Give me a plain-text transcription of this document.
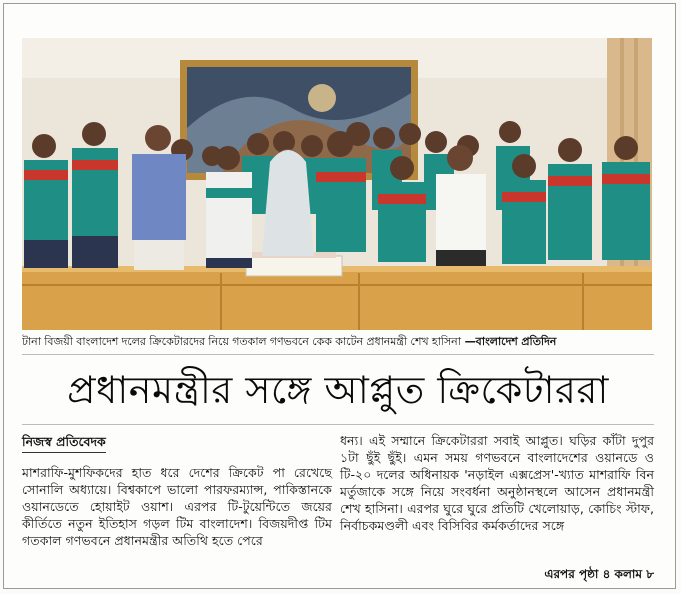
টানা বিজয়ী বাংলাদেশ দলের ক্রিকেটারদের নিয়ে গতকাল গণভবনে কেক কাটেন প্রধানমন্ত্রী শেখ হাসিনা —বাংলাদেশ প্রতিদিন
প্রধানমন্ত্রীর সঙ্গে আপ্লুত ক্রিকেটাররা
নিজস্ব প্রতিবেদক
মাশরাফি-মুশফিকদের হাত ধরে দেশের ক্রিকেট পা রেখেছে সোনালি অধ্যায়ে। বিশ্বকাপে ভালো পারফরম্যান্স, পাকিস্তানকে ওয়ানডেতে হোয়াইট ওয়াশ। এরপর টি-টুয়েন্টিতে জয়ের কীর্তিতে নতুন ইতিহাস গড়ল টিম বাংলাদেশ। বিজয়দীপ্ত টিম গতকাল গণভবনে প্রধানমন্ত্রীর অতিথি হতে পেরে
ধন্য। এই সম্মানে ক্রিকেটাররা সবাই আপ্লুত। ঘড়ির কাঁটা দুপুর ১টা ছুঁই ছুঁই। এমন সময় গণভবনে বাংলাদেশের ওয়ানডে ও টি-২০ দলের অধিনায়ক 'নড়াইল এক্সপ্রেস'-খ্যাত মাশরাফি বিন মর্তুজাকে সঙ্গে নিয়ে সংবর্ধনা অনুষ্ঠানস্থলে আসেন প্রধানমন্ত্রী শেখ হাসিনা। এরপর ঘুরে ঘুরে প্রতিটি খেলোয়াড়, কোচিং স্টাফ, নির্বাচকমণ্ডলী এবং বিসিবির কর্মকর্তাদের সঙ্গে
এরপর পৃষ্ঠা ৪ কলাম ৮
